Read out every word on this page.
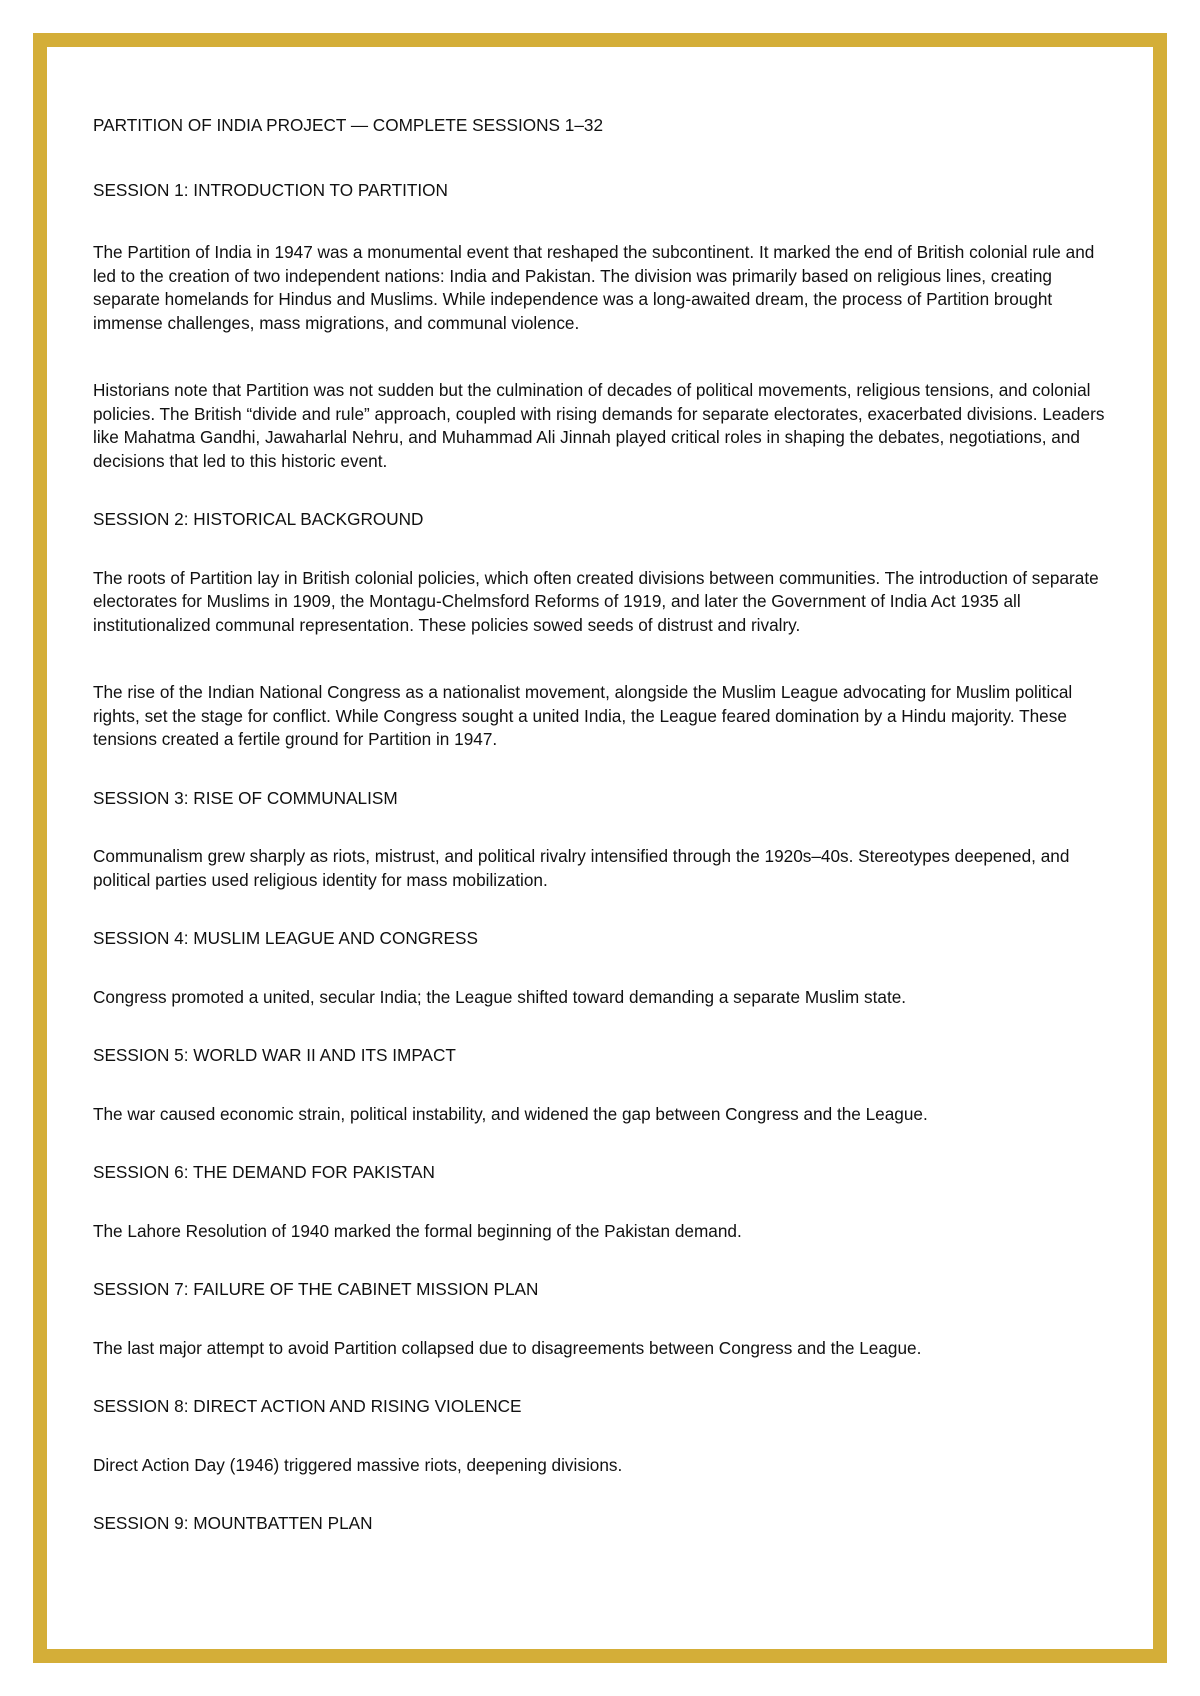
PARTITION OF INDIA PROJECT — COMPLETE SESSIONS 1–32
SESSION 1: INTRODUCTION TO PARTITION

The Partition of India in 1947 was a monumental event that reshaped the subcontinent. It marked the end of British colonial rule and led to the creation of two independent nations: India and Pakistan. The division was primarily based on religious lines, creating separate homelands for Hindus and Muslims. While independence was a long-awaited dream, the process of Partition brought immense challenges, mass migrations, and communal violence.

Historians note that Partition was not sudden but the culmination of decades of political movements, religious tensions, and colonial policies. The British “divide and rule” approach, coupled with rising demands for separate electorates, exacerbated divisions. Leaders like Mahatma Gandhi, Jawaharlal Nehru, and Muhammad Ali Jinnah played critical roles in shaping the debates, negotiations, and decisions that led to this historic event.

SESSION 2: HISTORICAL BACKGROUND

The roots of Partition lay in British colonial policies, which often created divisions between communities. The introduction of separate electorates for Muslims in 1909, the Montagu-Chelmsford Reforms of 1919, and later the Government of India Act 1935 all institutionalized communal representation. These policies sowed seeds of distrust and rivalry.

The rise of the Indian National Congress as a nationalist movement, alongside the Muslim League advocating for Muslim political rights, set the stage for conflict. While Congress sought a united India, the League feared domination by a Hindu majority. These tensions created a fertile ground for Partition in 1947.

SESSION 3: RISE OF COMMUNALISM

Communalism grew sharply as riots, mistrust, and political rivalry intensified through the 1920s–40s. Stereotypes deepened, and political parties used religious identity for mass mobilization.

SESSION 4: MUSLIM LEAGUE AND CONGRESS

Congress promoted a united, secular India; the League shifted toward demanding a separate Muslim state.

SESSION 5: WORLD WAR II AND ITS IMPACT

The war caused economic strain, political instability, and widened the gap between Congress and the League.

SESSION 6: THE DEMAND FOR PAKISTAN

The Lahore Resolution of 1940 marked the formal beginning of the Pakistan demand.

SESSION 7: FAILURE OF THE CABINET MISSION PLAN

The last major attempt to avoid Partition collapsed due to disagreements between Congress and the League.

SESSION 8: DIRECT ACTION AND RISING VIOLENCE

Direct Action Day (1946) triggered massive riots, deepening divisions.

SESSION 9: MOUNTBATTEN PLAN
